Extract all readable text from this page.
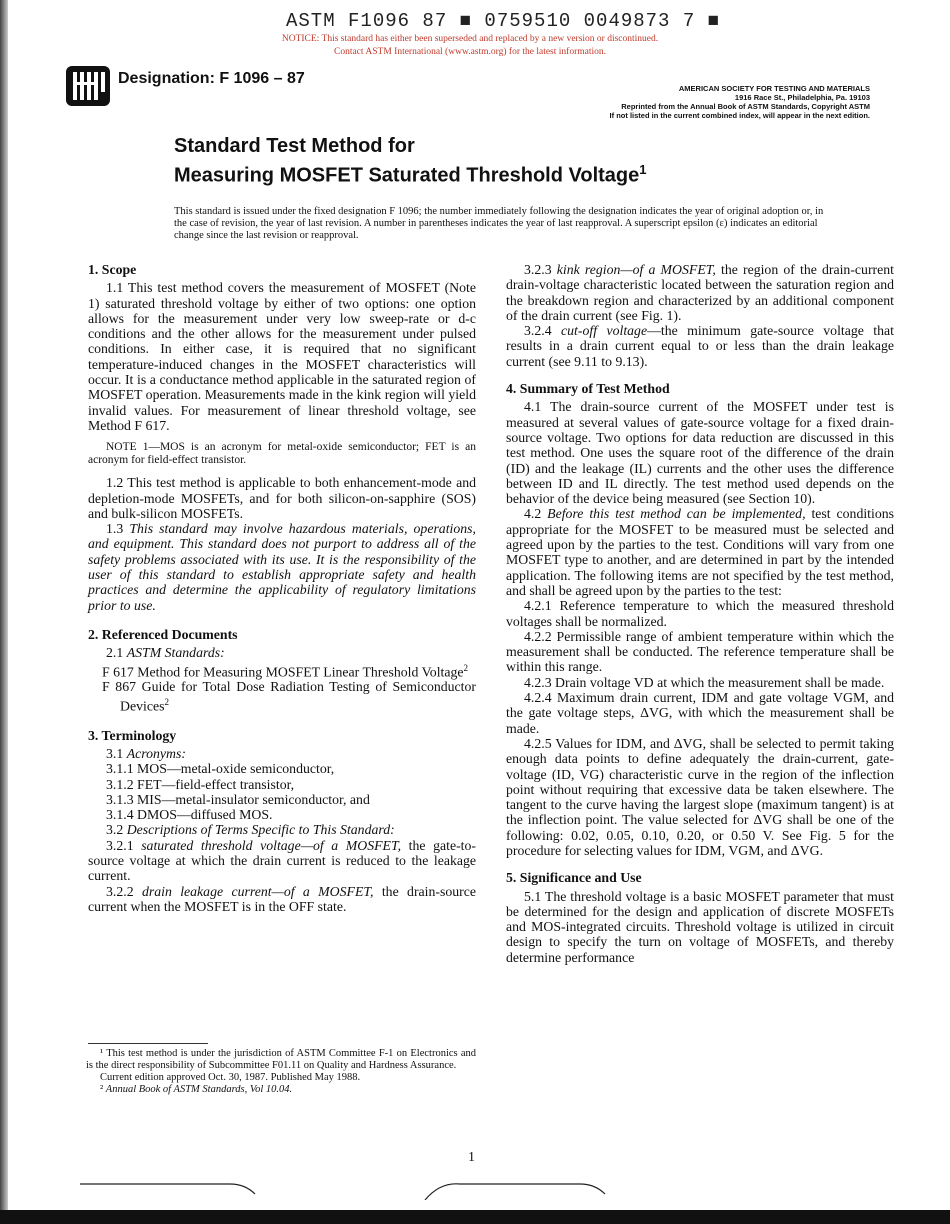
ASTM F1096 87 ■ 0759510 0049873 7 ■
NOTICE: This standard has either been superseded and replaced by a new version or discontinued.
Contact ASTM International (www.astm.org) for the latest information.
Designation: F 1096 – 87
AMERICAN SOCIETY FOR TESTING AND MATERIALS
1916 Race St., Philadelphia, Pa. 19103
Reprinted from the Annual Book of ASTM Standards, Copyright ASTM
If not listed in the current combined index, will appear in the next edition.
Standard Test Method for
Measuring MOSFET Saturated Threshold Voltage$^1$
This standard is issued under the fixed designation F 1096; the number immediately following the designation indicates the year of original adoption or, in the case of revision, the year of last revision. A number in parentheses indicates the year of last reapproval. A superscript epsilon (ε) indicates an editorial change since the last revision or reapproval.

1. Scope

1.1 This test method covers the measurement of MOSFET (Note 1) saturated threshold voltage by either of two options: one option allows for the measurement under very low sweep-rate or d-c conditions and the other allows for the measurement under pulsed conditions. In either case, it is required that no significant temperature-induced changes in the MOSFET characteristics will occur. It is a conductance method applicable in the saturated region of MOSFET operation. Measurements made in the kink region will yield invalid values. For measurement of linear threshold voltage, see Method F 617.

NOTE 1—MOS is an acronym for metal-oxide semiconductor; FET is an acronym for field-effect transistor.

1.2 This test method is applicable to both enhancement-mode and depletion-mode MOSFETs, and for both silicon-on-sapphire (SOS) and bulk-silicon MOSFETs.

1.3 This standard may involve hazardous materials, operations, and equipment. This standard does not purport to address all of the safety problems associated with its use. It is the responsibility of the user of this standard to establish appropriate safety and health practices and determine the applicability of regulatory limitations prior to use.

2. Referenced Documents

2.1 ASTM Standards:

F 617 Method for Measuring MOSFET Linear Threshold Voltage$^2$

F 867 Guide for Total Dose Radiation Testing of Semiconductor Devices$^2$

3. Terminology

3.1 Acronyms:

3.1.1 MOS—metal-oxide semiconductor,

3.1.2 FET—field-effect transistor,

3.1.3 MIS—metal-insulator semiconductor, and

3.1.4 DMOS—diffused MOS.

3.2 Descriptions of Terms Specific to This Standard:

3.2.1 saturated threshold voltage—of a MOSFET, the gate-to-source voltage at which the drain current is reduced to the leakage current.

3.2.2 drain leakage current—of a MOSFET, the drain-source current when the MOSFET is in the OFF state.

¹ This test method is under the jurisdiction of ASTM Committee F-1 on Electronics and is the direct responsibility of Subcommittee F01.11 on Quality and Hardness Assurance.

Current edition approved Oct. 30, 1987. Published May 1988.

² Annual Book of ASTM Standards, Vol 10.04.

3.2.3 kink region—of a MOSFET, the region of the drain-current drain-voltage characteristic located between the saturation region and the breakdown region and characterized by an additional component of the drain current (see Fig. 1).

3.2.4 cut-off voltage—the minimum gate-source voltage that results in a drain current equal to or less than the drain leakage current (see 9.11 to 9.13).

4. Summary of Test Method

4.1 The drain-source current of the MOSFET under test is measured at several values of gate-source voltage for a fixed drain-source voltage. Two options for data reduction are discussed in this test method. One uses the square root of the difference of the drain (ID) and the leakage (IL) currents and the other uses the difference between ID and IL directly. The test method used depends on the behavior of the device being measured (see Section 10).

4.2 Before this test method can be implemented, test conditions appropriate for the MOSFET to be measured must be selected and agreed upon by the parties to the test. Conditions will vary from one MOSFET type to another, and are determined in part by the intended application. The following items are not specified by the test method, and shall be agreed upon by the parties to the test:

4.2.1 Reference temperature to which the measured threshold voltages shall be normalized.

4.2.2 Permissible range of ambient temperature within which the measurement shall be conducted. The reference temperature shall be within this range.

4.2.3 Drain voltage VD at which the measurement shall be made.

4.2.4 Maximum drain current, IDM and gate voltage VGM, and the gate voltage steps, ΔVG, with which the measurement shall be made.

4.2.5 Values for IDM, and ΔVG, shall be selected to permit taking enough data points to define adequately the drain-current, gate-voltage (ID, VG) characteristic curve in the region of the inflection point without requiring that excessive data be taken elsewhere. The tangent to the curve having the largest slope (maximum tangent) is at the inflection point. The value selected for ΔVG shall be one of the following: 0.02, 0.05, 0.10, 0.20, or 0.50 V. See Fig. 5 for the procedure for selecting values for IDM, VGM, and ΔVG.

5. Significance and Use

5.1 The threshold voltage is a basic MOSFET parameter that must be determined for the design and application of discrete MOSFETs and MOS-integrated circuits. Threshold voltage is utilized in circuit design to specify the turn on voltage of MOSFETs, and thereby determine performance

1
